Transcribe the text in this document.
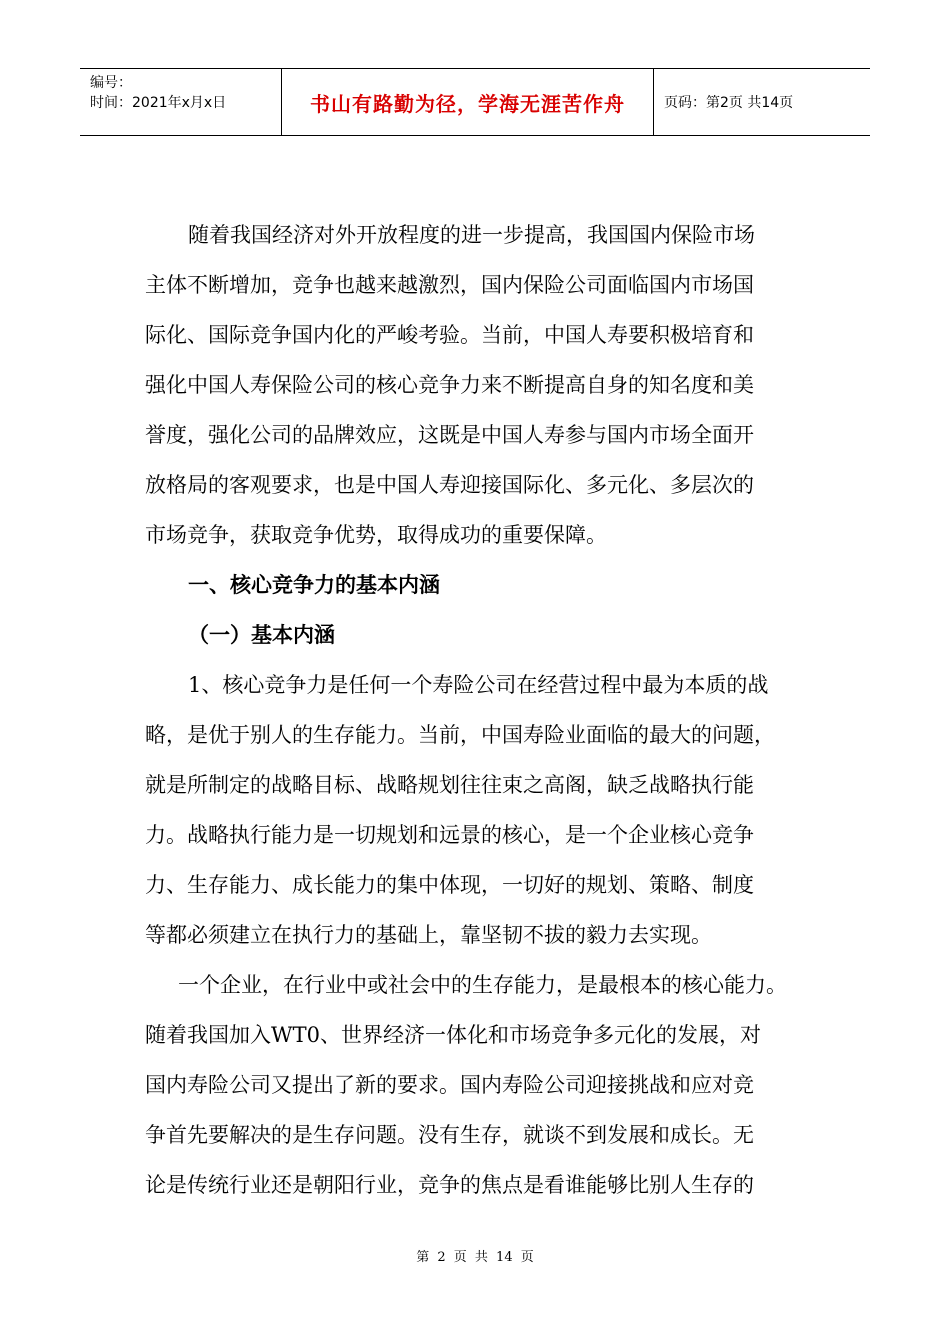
编号：
时间：2021年x月x日	书山有路勤为径，学海无涯苦作舟	页码：第2页 共14页
随着我国经济对外开放程度的进一步提高，我国国内保险市场
主体不断增加，竞争也越来越激烈，国内保险公司面临国内市场国
际化、国际竞争国内化的严峻考验。当前，中国人寿要积极培育和
强化中国人寿保险公司的核心竞争力来不断提高自身的知名度和美
誉度，强化公司的品牌效应，这既是中国人寿参与国内市场全面开
放格局的客观要求，也是中国人寿迎接国际化、多元化、多层次的
市场竞争，获取竞争优势，取得成功的重要保障。
一、核心竞争力的基本内涵
（一）基本内涵
1、核心竞争力是任何一个寿险公司在经营过程中最为本质的战
略，是优于别人的生存能力。当前，中国寿险业面临的最大的问题，
就是所制定的战略目标、战略规划往往束之高阁，缺乏战略执行能
力。战略执行能力是一切规划和远景的核心，是一个企业核心竞争
力、生存能力、成长能力的集中体现，一切好的规划、策略、制度
等都必须建立在执行力的基础上，靠坚韧不拔的毅力去实现。
一个企业，在行业中或社会中的生存能力，是最根本的核心能力。
随着我国加入WT0、世界经济一体化和市场竞争多元化的发展，对
国内寿险公司又提出了新的要求。国内寿险公司迎接挑战和应对竞
争首先要解决的是生存问题。没有生存，就谈不到发展和成长。无
论是传统行业还是朝阳行业，竞争的焦点是看谁能够比别人生存的
第 2 页 共 14 页
